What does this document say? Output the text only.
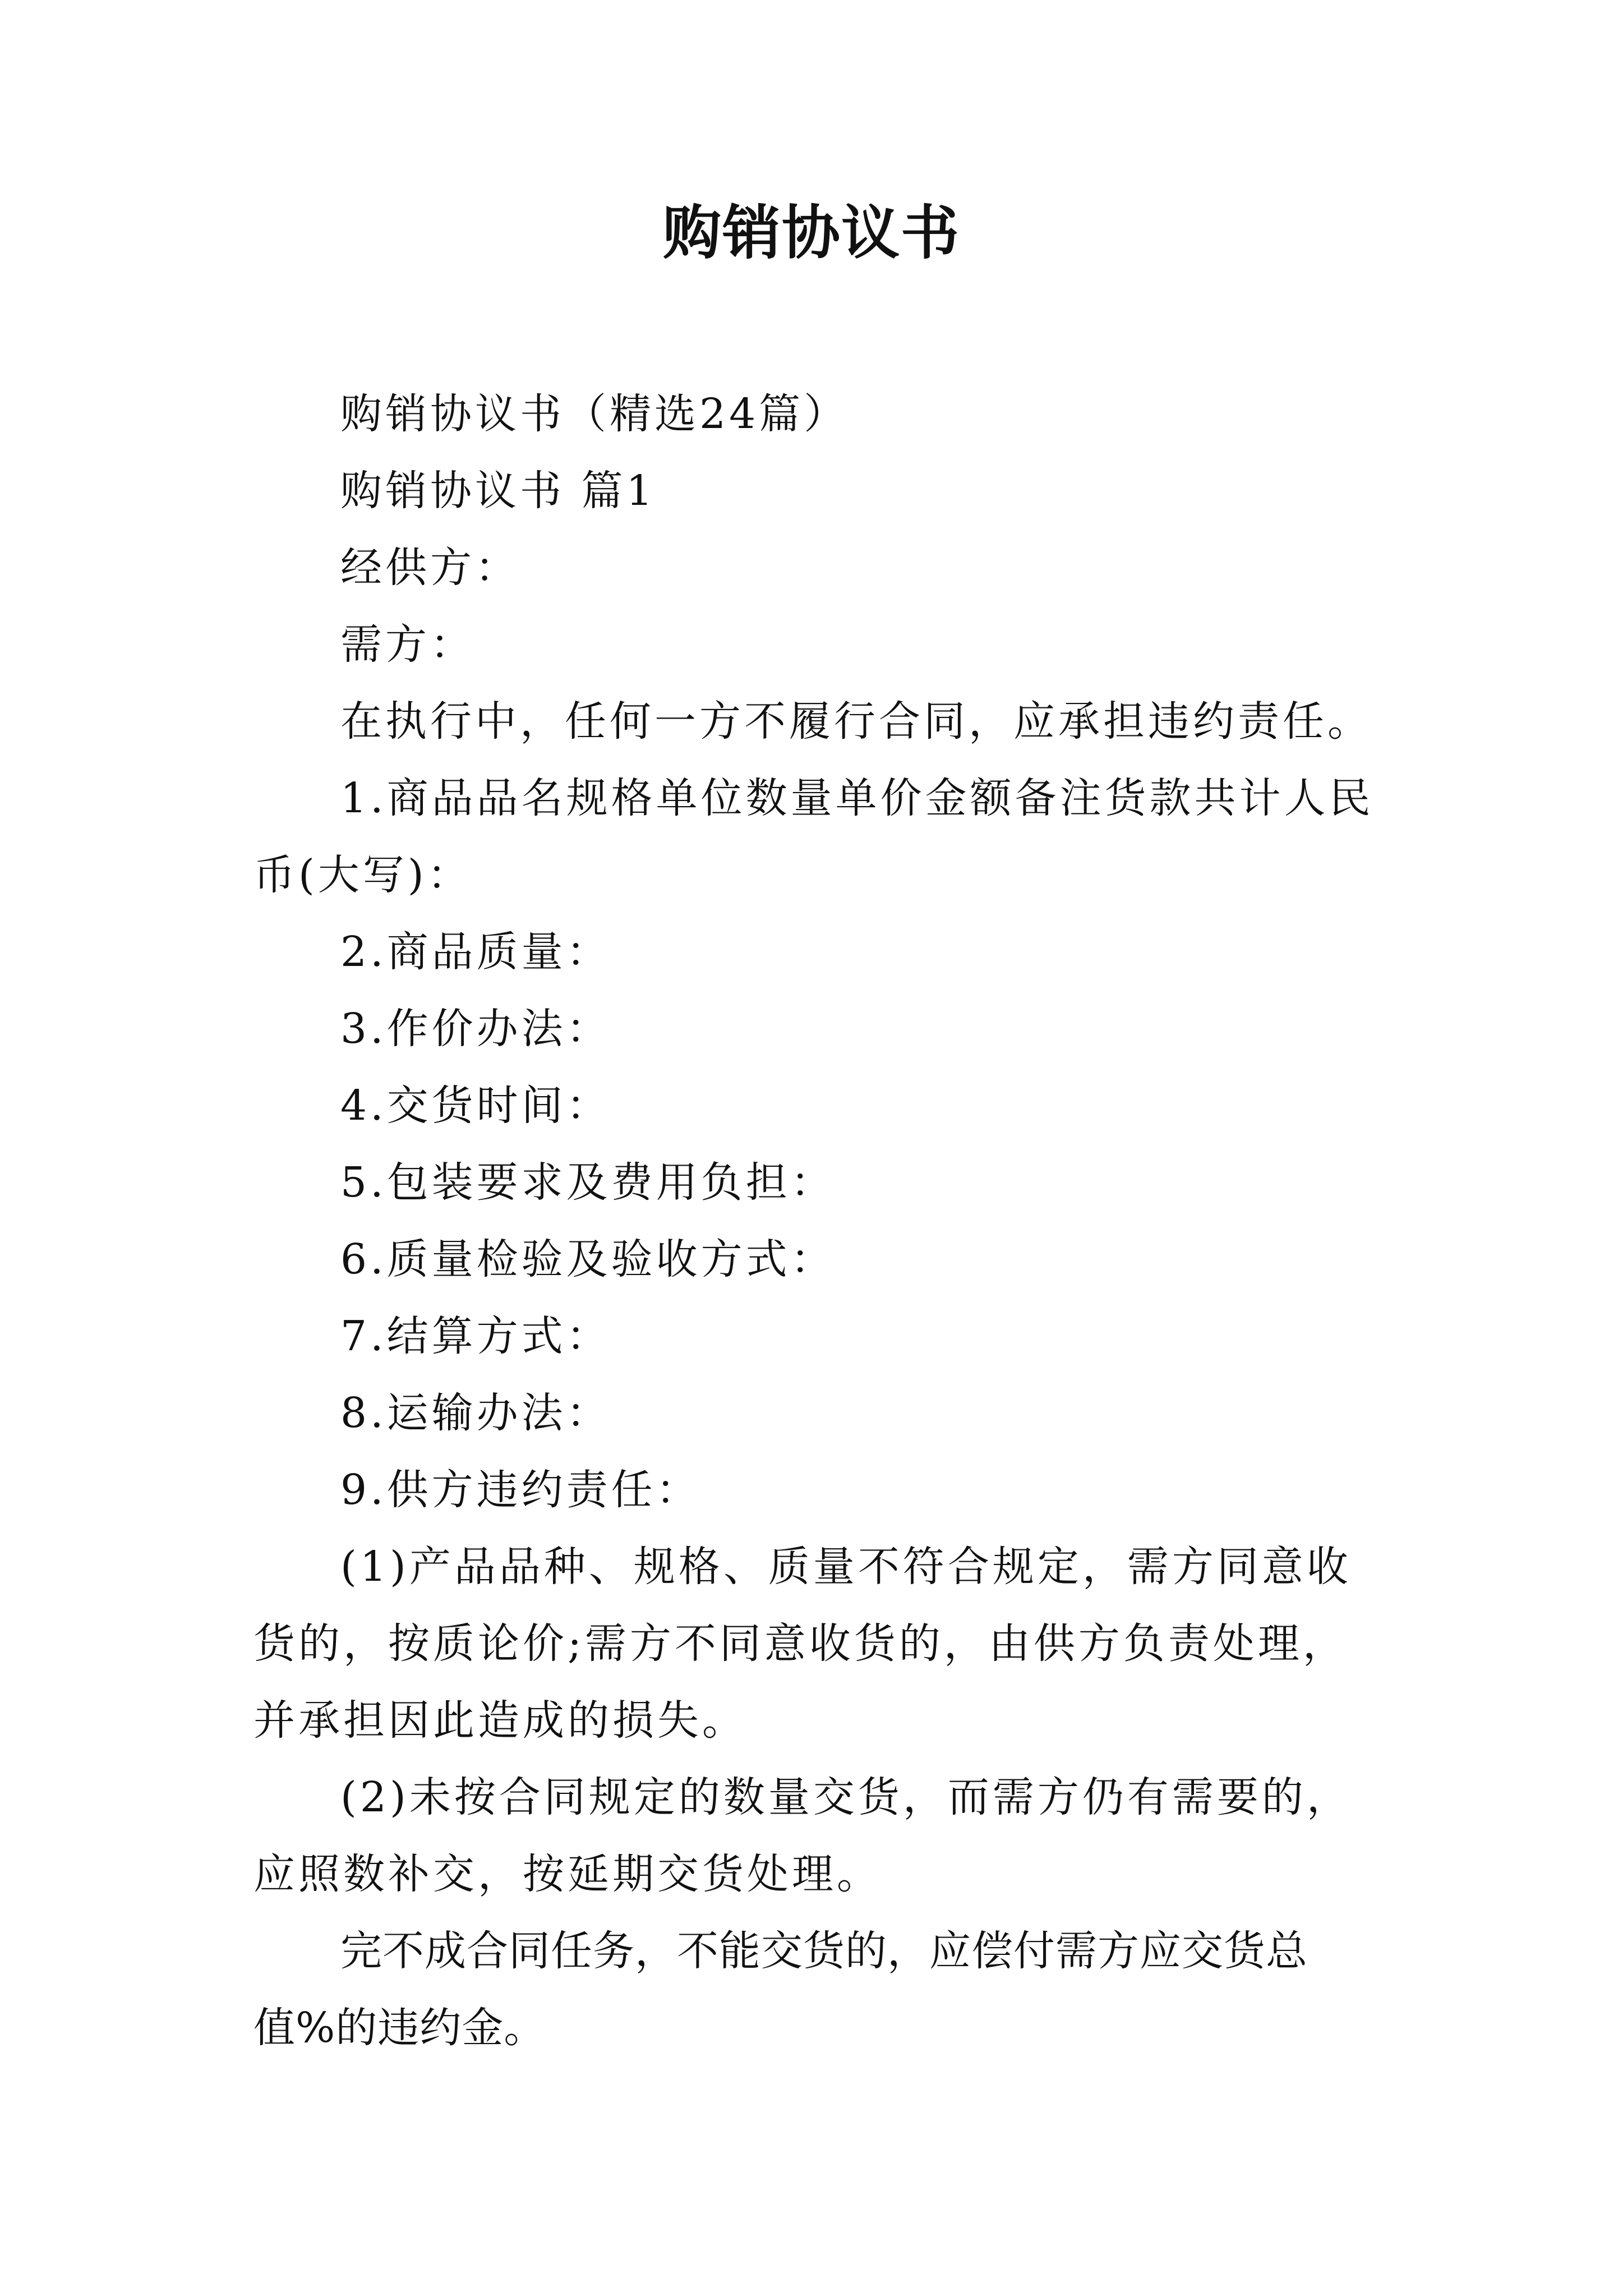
购销协议书

购销协议书（精选24篇）

购销协议书 篇1

经供方：

需方：

在执行中，任何一方不履行合同，应承担违约责任。

1.商品品名规格单位数量单价金额备注货款共计人民币(大写)：

2.商品质量：

3.作价办法：

4.交货时间：

5.包装要求及费用负担：

6.质量检验及验收方式：

7.结算方式：

8.运输办法：

9.供方违约责任：

(1)产品品种、规格、质量不符合规定，需方同意收货的，按质论价;需方不同意收货的，由供方负责处理，并承担因此造成的损失。

(2)未按合同规定的数量交货，而需方仍有需要的，应照数补交，按延期交货处理。

完不成合同任务，不能交货的，应偿付需方应交货总值%的违约金。
